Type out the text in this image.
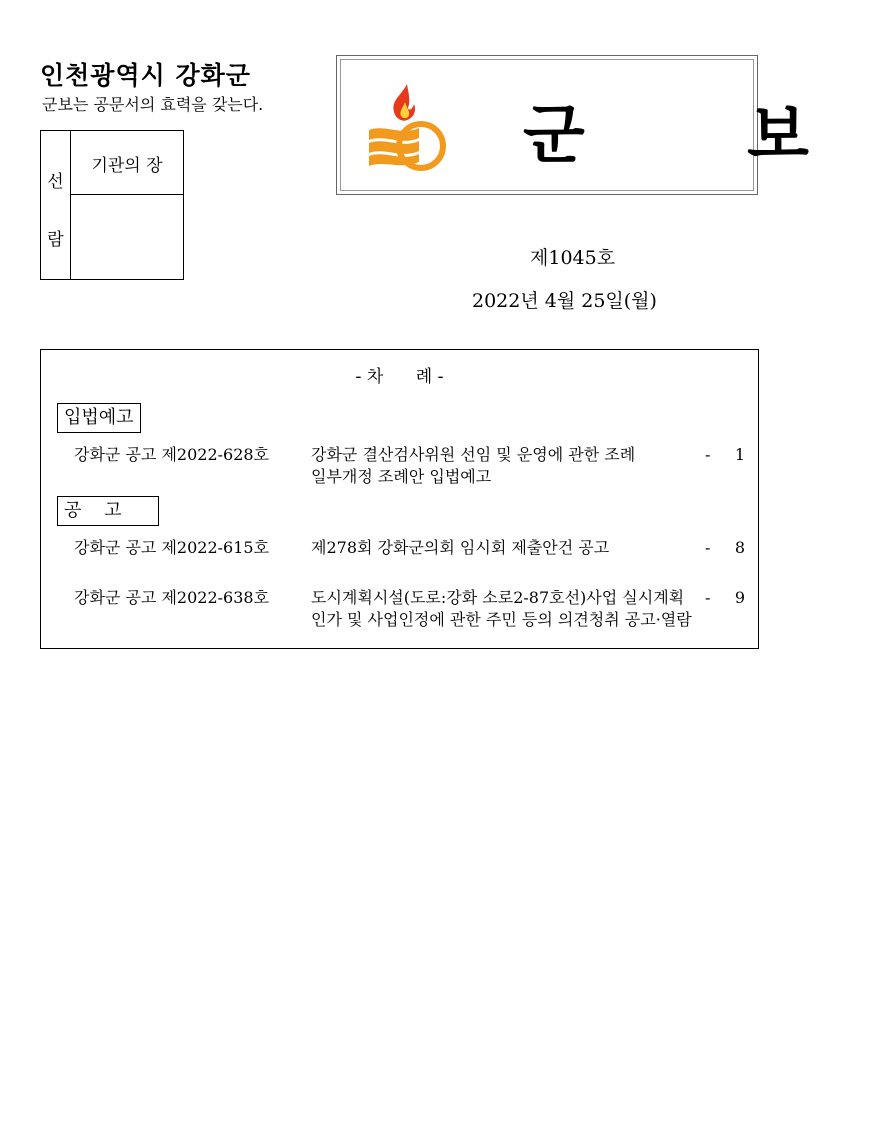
인천광역시 강화군
군보는 공문서의 효력을 갖는다.
선
람
기관의 장	군 보
제1045호
2022년 4월 25일(월)
- 차      례 -
입법예고
강화군 공고 제2022-628호	강화군 결산검사위원 선임 및 운영에 관한 조례
일부개정 조례안 입법예고
-	1
공    고
강화군 공고 제2022-615호	제278회 강화군의회 임시회 제출안건 공고	-	8
강화군 공고 제2022-638호	도시계획시설(도로:강화 소로2-87호선)사업 실시계획
인가 및 사업인정에 관한 주민 등의 의견청취 공고·열람
-	9
